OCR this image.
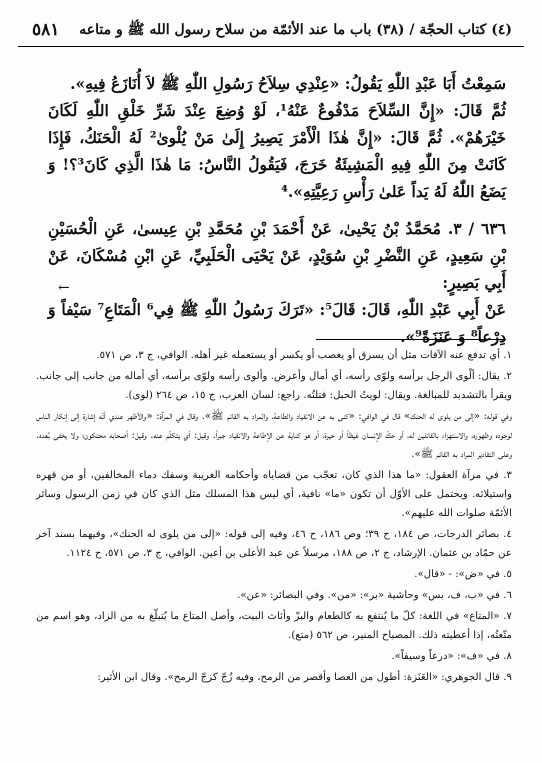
٥٨١ (٤) كتاب الحجّة / (٣٨) باب ما عند الأئمّة من سلاح رسول الله ﷺ و متاعه

سَمِعْتُ أَبَا عَبْدِ اللّٰهِ يَقُولُ: «عِنْدِي سِلاَحُ رَسُولِ اللّٰهِ ﷺ لاَ أُنَازَعُ فِيهِ».

ثُمَّ قَالَ: «إِنَّ السِّلاَحَ مَدْفُوعٌ عَنْهُ¹، لَوْ وُضِعَ عِنْدَ شَرِّ خَلْقِ اللّٰهِ لَكَانَ خَيْرَهُمْ». ثُمَّ قَالَ: «إِنَّ هٰذَا الْأَمْرَ يَصِيرُ إِلَىٰ مَنْ يُلْوىٰ² لَهُ الْحَنَكُ، فَإِذَا كَانَتْ مِنَ اللّٰهِ فِيهِ الْمَشِيئَةُ خَرَجَ، فَيَقُولُ النَّاسُ: مَا هٰذَا الَّذِي كَانَ³؟! وَ يَضَعُ اللّٰهُ لَهُ يَداً عَلىٰ رَأْسِ رَعِيَّتِهِ».⁴

٦٣٦ / ٣. مُحَمَّدُ بْنُ يَحْيىٰ، عَنْ أَحْمَدَ بْنِ مُحَمَّدِ بْنِ عِيسىٰ، عَنِ الْحُسَيْنِ بْنِ سَعِيدٍ، عَنِ النَّضْرِ بْنِ سُوَيْدٍ، عَنْ يَحْيَى الْحَلَبِيِّ، عَنِ ابْنِ مُسْكَانَ، عَنْ أَبِي بَصِيرٍ:

عَنْ أَبِي عَبْدِ اللّٰهِ، قَالَ: قَالَ⁵: «تَرَكَ رَسُولُ اللّٰهِ ﷺ فِي⁶ الْمَتَاعِ⁷ سَيْفاً وَ دِرْعاً⁸ وَ عَنَزَةً⁹».

←

١. أي تدفع عنه الآفات مثل أن يسرق أو يغصب أو يكسر أو يستعمله غير أهله. الوافي، ج ٣، ص ٥٧١.

٢. يقال: ألْوى الرجل برأسه ولوّى رأسه، أي أمال وأعرض. وألوى رأسه ولوّى برأسه، أي أماله من جانب إلى جانب. ويقرأ بالتشديد للمبالغة. ويقال: لويتُ الحبل: فتلتُه. راجع: لسان العرب، ج ١٥، ص ٢٦٤ (لوى).

وفي قوله: «إلى من يلوى له الحنك» قال في الوافي: «كنى به عن الانقياد والطاعة، والمراد به القائم ﷺ». وقال في المرآة: «والأظهر عندي أنّه إشارة إلى إنكار الناس لوجوده وظهوره، والاستهزاء بالقائلين له، أو حكّ الإنسان غيظاً أو حيرة، أو هو كناية عن الإطاعة والانقياد جبراً. وقيل: أي يتكلّم عنه. وقيل: أصحابه محتكون؛ ولا يخفى بُعده. وعلى التقادير المراد به القائم ﷺ».

٣. في مرآة العقول: «ما هذا الذي كان، تعجّب من قضاياه وأحكامه الغريبة وسفك دماء المخالفين، أو من قهره واستيلائه. ويحتمل على الأوّل أن تكون «ما» نافية، أي ليس هذا المسلك مثل الذي كان في زمن الرسول وسائر الأئمّة صلوات الله عليهم».

٤. بصائر الدرجات، ص ١٨٤، ح ٣٩؛ وص ١٨٦، ح ٤٦، وفيه إلى قوله: «إلى من يلوى له الحنك»، وفيهما بسند آخر عن حمّاد بن عثمان. الإرشاد، ج ٢، ص ١٨٨، مرسلاً عن عبد الأعلى بن أعين. الوافي، ج ٣، ص ٥٧١، ح ١١٢٤.

٥. في «ض»: - «قال».

٦. في «ب، ف، بس» وحاشية «بر»: «من». وفي البصائر: «عن».

٧. «المتاع» في اللغة: كلّ ما يُنتفع به كالطعام والبزّ وأثاث البيت، وأصل المتاع ما يُتبلّغ به من الزاد، وهو اسم من متّعتُه، إذا أعطيته ذلك. المصباح المنير، ص ٥٦٢ (متع).

٨. في «ف»: «درعاً وسيفاً».

٩. قال الجوهري: «العَنَزة: أطول من العصا وأقصر من الرمح، وفيه زُجّ كزجّ الرمح». وقال ابن الأثير:
